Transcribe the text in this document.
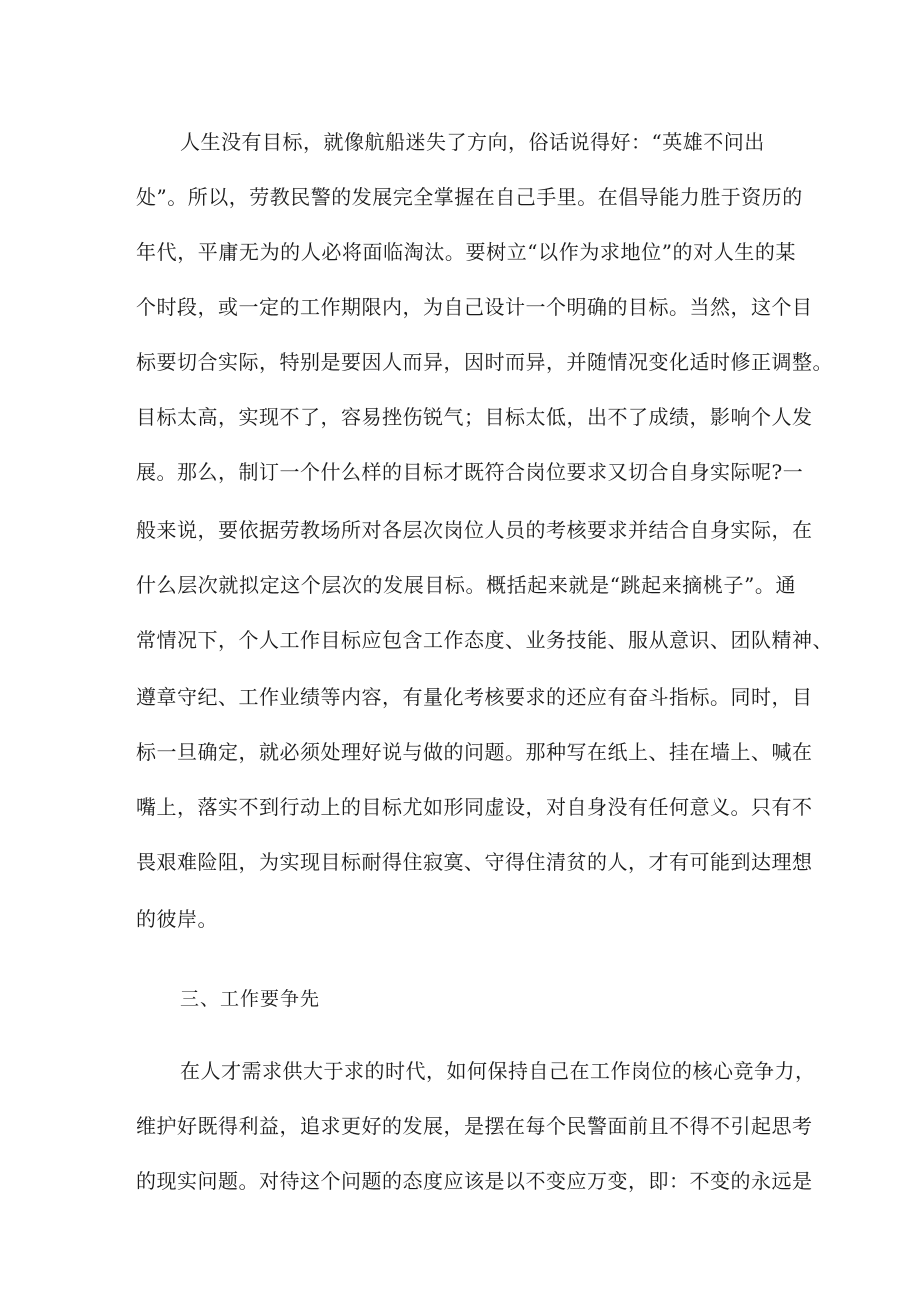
人生没有目标，就像航船迷失了方向，俗话说得好：“英雄不问出
处”。所以，劳教民警的发展完全掌握在自己手里。在倡导能力胜于资历的
年代，平庸无为的人必将面临淘汰。要树立“以作为求地位”的对人生的某
个时段，或一定的工作期限内，为自己设计一个明确的目标。当然，这个目
标要切合实际，特别是要因人而异，因时而异，并随情况变化适时修正调整。
目标太高，实现不了，容易挫伤锐气；目标太低，出不了成绩，影响个人发
展。那么，制订一个什么样的目标才既符合岗位要求又切合自身实际呢?一
般来说，要依据劳教场所对各层次岗位人员的考核要求并结合自身实际，在
什么层次就拟定这个层次的发展目标。概括起来就是“跳起来摘桃子”。通
常情况下，个人工作目标应包含工作态度、业务技能、服从意识、团队精神、
遵章守纪、工作业绩等内容，有量化考核要求的还应有奋斗指标。同时，目
标一旦确定，就必须处理好说与做的问题。那种写在纸上、挂在墙上、喊在
嘴上，落实不到行动上的目标尤如形同虚设，对自身没有任何意义。只有不
畏艰难险阻，为实现目标耐得住寂寞、守得住清贫的人，才有可能到达理想
的彼岸。
三、工作要争先
在人才需求供大于求的时代，如何保持自己在工作岗位的核心竞争力，
维护好既得利益，追求更好的发展，是摆在每个民警面前且不得不引起思考
的现实问题。对待这个问题的态度应该是以不变应万变，即：不变的永远是
